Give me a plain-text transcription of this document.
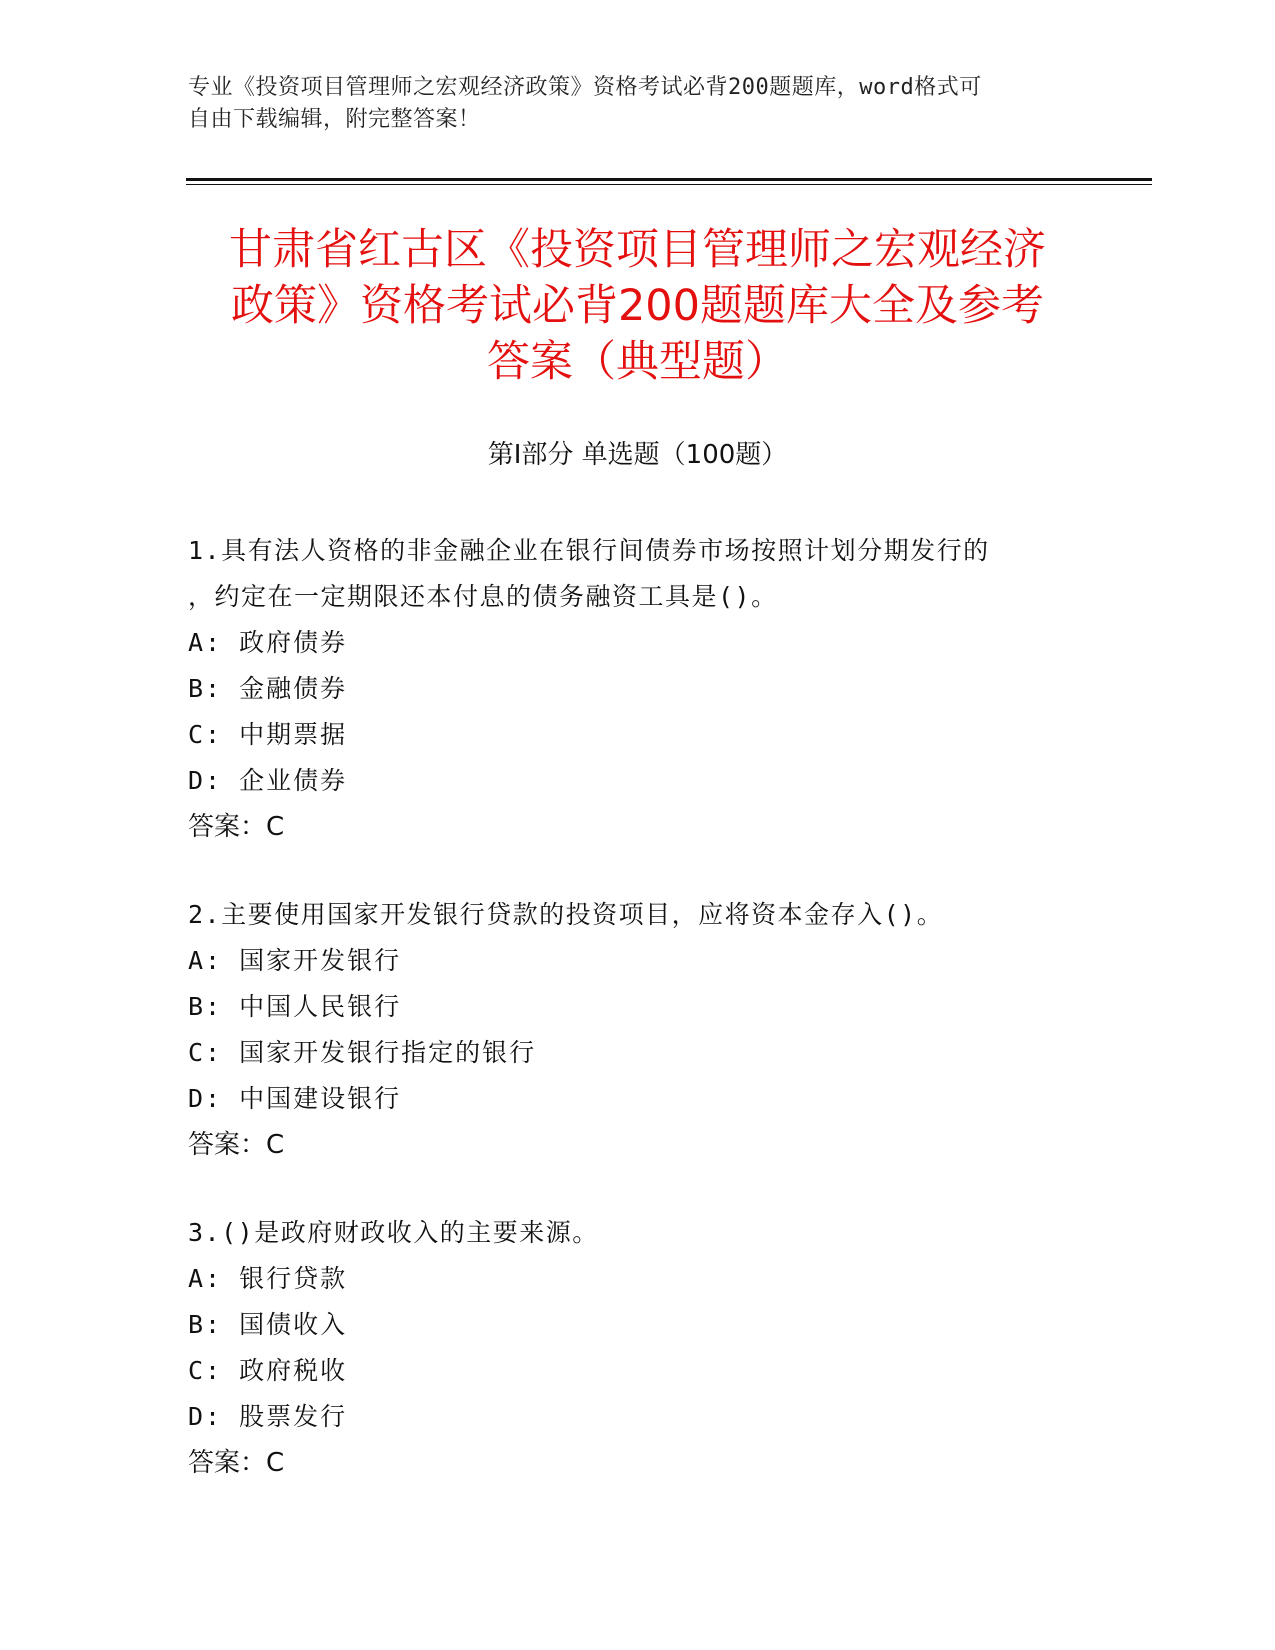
专业《投资项目管理师之宏观经济政策》资格考试必背200题题库，word格式可
自由下载编辑，附完整答案！
甘肃省红古区《投资项目管理师之宏观经济
政策》资格考试必背200题题库大全及参考
答案（典型题）
第Ⅰ部分 单选题（100题）
1.具有法人资格的非金融企业在银行间债券市场按照计划分期发行的
，约定在一定期限还本付息的债务融资工具是()。
A: 政府债券
B: 金融债券
C: 中期票据
D: 企业债券
答案：C
2.主要使用国家开发银行贷款的投资项目，应将资本金存入()。
A: 国家开发银行
B: 中国人民银行
C: 国家开发银行指定的银行
D: 中国建设银行
答案：C
3.()是政府财政收入的主要来源。
A: 银行贷款
B: 国债收入
C: 政府税收
D: 股票发行
答案：C
